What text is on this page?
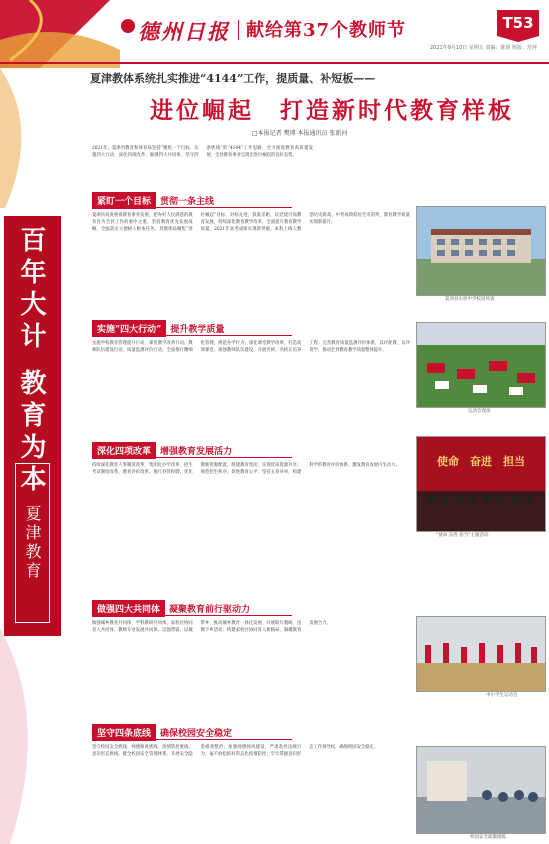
德州日报 献给第37个教师节	T53
2021年9月10日 星期五 责编：陈倩 组版：范萍
百年大计 教育为本
夏津教育
夏津教体系统扎实推进“4144”工作，提质量、补短板——
进位崛起　打造新时代教育样板
□本报记者 樊博 本报通讯员 张新河
2021年，夏津县教育和体育局坚持“聚焦一个目标、实施四大行动、深化四项改革、做强四大共同体、坚守四条底线”的“4144”工作思路，全力推进教育高质量发展，全县教育事业呈现出进位崛起的良好态势。
紧盯一个目标 贯彻一条主线
夏津县高度重视教育事业发展，把办好人民满意的教育作为全县工作的重中之重，坚持教育优先发展战略，全面落实立德树人根本任务。县教体局聚焦“进位崛起”目标，对标先进、找准差距，以党建引领教育发展，持续深化教育教学改革，全面提升教育教学质量。2021年高考成绩实现新突破，本科上线人数创历史新高，中考成绩稳居全市前列，教育教学质量实现新提升。
实施“四大行动” 提升教学质量
实施学校教育管理提升行动、课堂教学改革行动、教师队伍建设行动、质量监测评价行动。全面推行精细化管理，规范办学行为；深化课堂教学改革，打造高效课堂；加强教师队伍建设，开展名师、名校长培养工程；完善教育质量监测评价体系，以评促教、以评促学，推动全县教育教学质量整体提升。
深化四项改革 增强教育发展活力
持续深化教育人事制度改革、集团化办学改革、招生考试制度改革、教育评价改革。推行县管校聘，优化教师资源配置；组建教育集团，实现优质资源共享；规范招生秩序，促进教育公平；坚持五育并举，构建科学的教育评价体系，激发教育发展内生动力。
做强四大共同体 凝聚教育前行驱动力
做强城乡教育共同体、学科教研共同体、家校社协同育人共同体、教师专业发展共同体。以强带弱、以城带乡，推动城乡教育一体化发展；开展联片教研、送教下乡活动；构建家校社协同育人新格局，凝聚教育发展合力。
坚守四条底线 确保校园安全稳定
坚守校园安全底线、师德师风底线、疫情防控底线、意识形态底线。健全校园安全管理体系，开展安全隐患排查整治；加强师德师风建设，严肃查处违规行为；毫不放松抓好常态化疫情防控；牢牢掌握意识形态工作领导权，确保校园安全稳定。
夏津县实验中学校园风貌
运动会现场
使命　奋进　担当
“使命 奋进 担当”主题活动
中小学生运动会
校园安全疏散演练
